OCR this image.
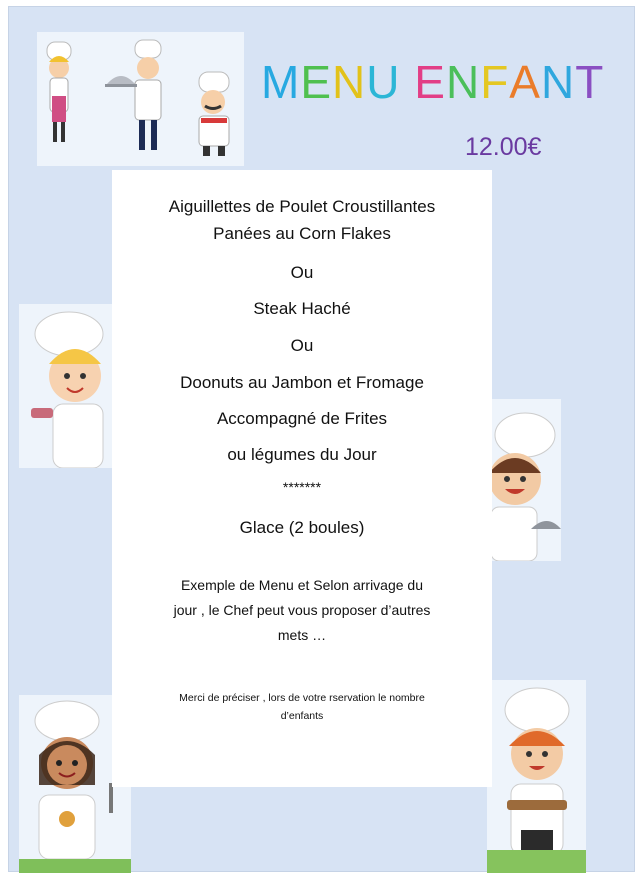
MENU ENFANT
12.00€
Aiguillettes de Poulet Croustillantes
Panées au Corn Flakes
Ou
Steak Haché
Ou
Doonuts au Jambon et Fromage
Accompagné de Frites
ou légumes du Jour
*******
Glace (2 boules)
Exemple de Menu et Selon arrivage du
jour , le Chef peut vous proposer d’autres
mets …
Merci de préciser , lors de votre rservation le nombre
d’enfants
